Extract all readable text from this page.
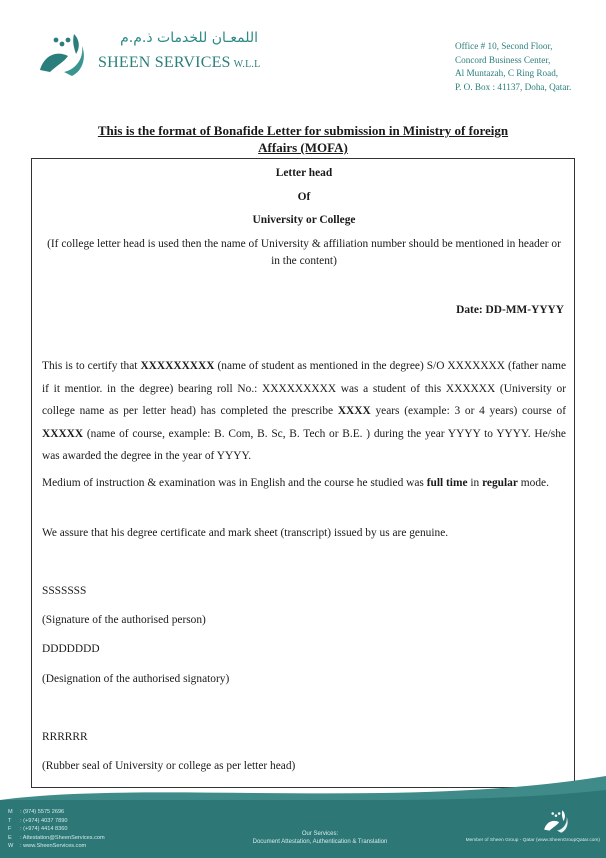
اللمعـان للخدمات ذ.م.م
SHEEN SERVICES W.L.L
Office # 10, Second Floor,
Concord Business Center,
Al Muntazah, C Ring Road,
P. O. Box : 41137, Doha, Qatar.
This is the format of Bonafide Letter for submission in Ministry of foreign
Affairs (MOFA)
Letter head
Of
University or College
(If college letter head is used then the name of University & affiliation number should be mentioned in header or in the content)
Date: DD-MM-YYYY
This is to certify that XXXXXXXXX (name of student as mentioned in the degree) S/O XXXXXXX (father name if it mentior. in the degree) bearing roll No.: XXXXXXXXX was a student of this XXXXXX (University or college name as per letter head) has completed the prescribe XXXX years (example: 3 or 4 years) course of XXXXX (name of course, example: B. Com, B. Sc, B. Tech or B.E. ) during the year YYYY to YYYY. He/she was awarded the degree in the year of YYYY.
Medium of instruction & examination was in English and the course he studied was full time in regular mode.
We assure that his degree certificate and mark sheet (transcript) issued by us are genuine.
SSSSSSS
(Signature of the authorised person)
DDDDDDD
(Designation of the authorised signatory)
RRRRRR
(Rubber seal of University or college as per letter head)
M : (974) 5575 2696
T : (+974) 4037 7890
F : (+974) 4414 8360
E : Attestation@SheenServices.com
W : www.SheenServices.com
Our Services:
Document Attestation, Authentication & Translation	Member of Sheen Group - Qatar (www.SheenGroupQatar.com)
